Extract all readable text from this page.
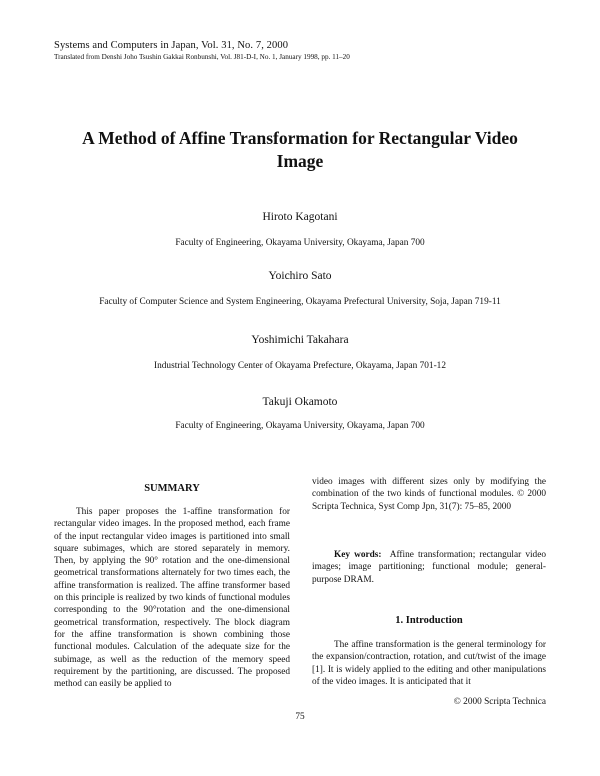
Systems and Computers in Japan, Vol. 31, No. 7, 2000
Translated from Denshi Joho Tsushin Gakkai Ronbunshi, Vol. J81-D-I, No. 1, January 1998, pp. 11–20
A Method of Affine Transformation for Rectangular Video Image
Hiroto Kagotani
Faculty of Engineering, Okayama University, Okayama, Japan 700
Yoichiro Sato
Faculty of Computer Science and System Engineering, Okayama Prefectural University, Soja, Japan 719-11
Yoshimichi Takahara
Industrial Technology Center of Okayama Prefecture, Okayama, Japan 701-12
Takuji Okamoto
Faculty of Engineering, Okayama University, Okayama, Japan 700
SUMMARY

This paper proposes the 1-affine transformation for rectangular video images. In the proposed method, each frame of the input rectangular video images is partitioned into small square subimages, which are stored separately in memory. Then, by applying the 90° rotation and the one-dimensional geometrical transformations alternately for two times each, the affine transformation is realized. The affine transformer based on this principle is realized by two kinds of functional modules corresponding to the 90°rotation and the one-dimensional geometrical transformation, respectively. The block diagram for the affine transformation is shown combining those functional modules. Calculation of the adequate size for the subimage, as well as the reduction of the memory speed requirement by the partitioning, are discussed. The proposed method can easily be applied to

video images with different sizes only by modifying the combination of the two kinds of functional modules. © 2000 Scripta Technica, Syst Comp Jpn, 31(7): 75–85, 2000

Key words: Affine transformation; rectangular video images; image partitioning; functional module; general-purpose DRAM.

1. Introduction

The affine transformation is the general terminology for the expansion/contraction, rotation, and cut/twist of the image [1]. It is widely applied to the editing and other manipulations of the video images. It is anticipated that it

© 2000 Scripta Technica
75
